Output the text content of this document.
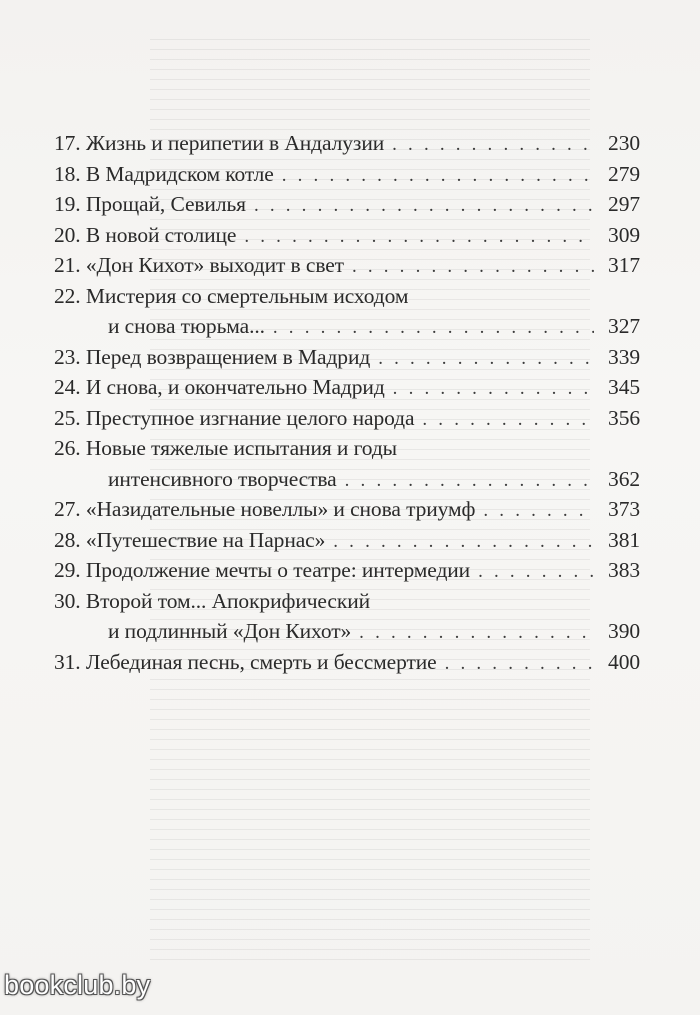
17.
Жизнь и перипетии в Андалузии . . .	230
18.
В Мадридском котле . . .	279
19.
Прощай, Севилья . . .	297
20.
В новой столице . . .	309
21.
«Дон Кихот» выходит в свет . . .	317
22.
Мистерия со смертельным исходом
и снова тюрьма... . . .	327
23.
Перед возвращением в Мадрид . . .	339
24.
И снова, и окончательно Мадрид . . .	345
25.
Преступное изгнание целого народа . . .	356
26.
Новые тяжелые испытания и годы
интенсивного творчества . . .	362
27.
«Назидательные новеллы» и снова триумф . . .	373
28.
«Путешествие на Парнас» . . .	381
29.
Продолжение мечты о театре: интермедии . . .	383
30.
Второй том... Апокрифический
и подлинный «Дон Кихот» . . .	390
31.
Лебединая песнь, смерть и бессмертие . . .	400
bookclub.by
